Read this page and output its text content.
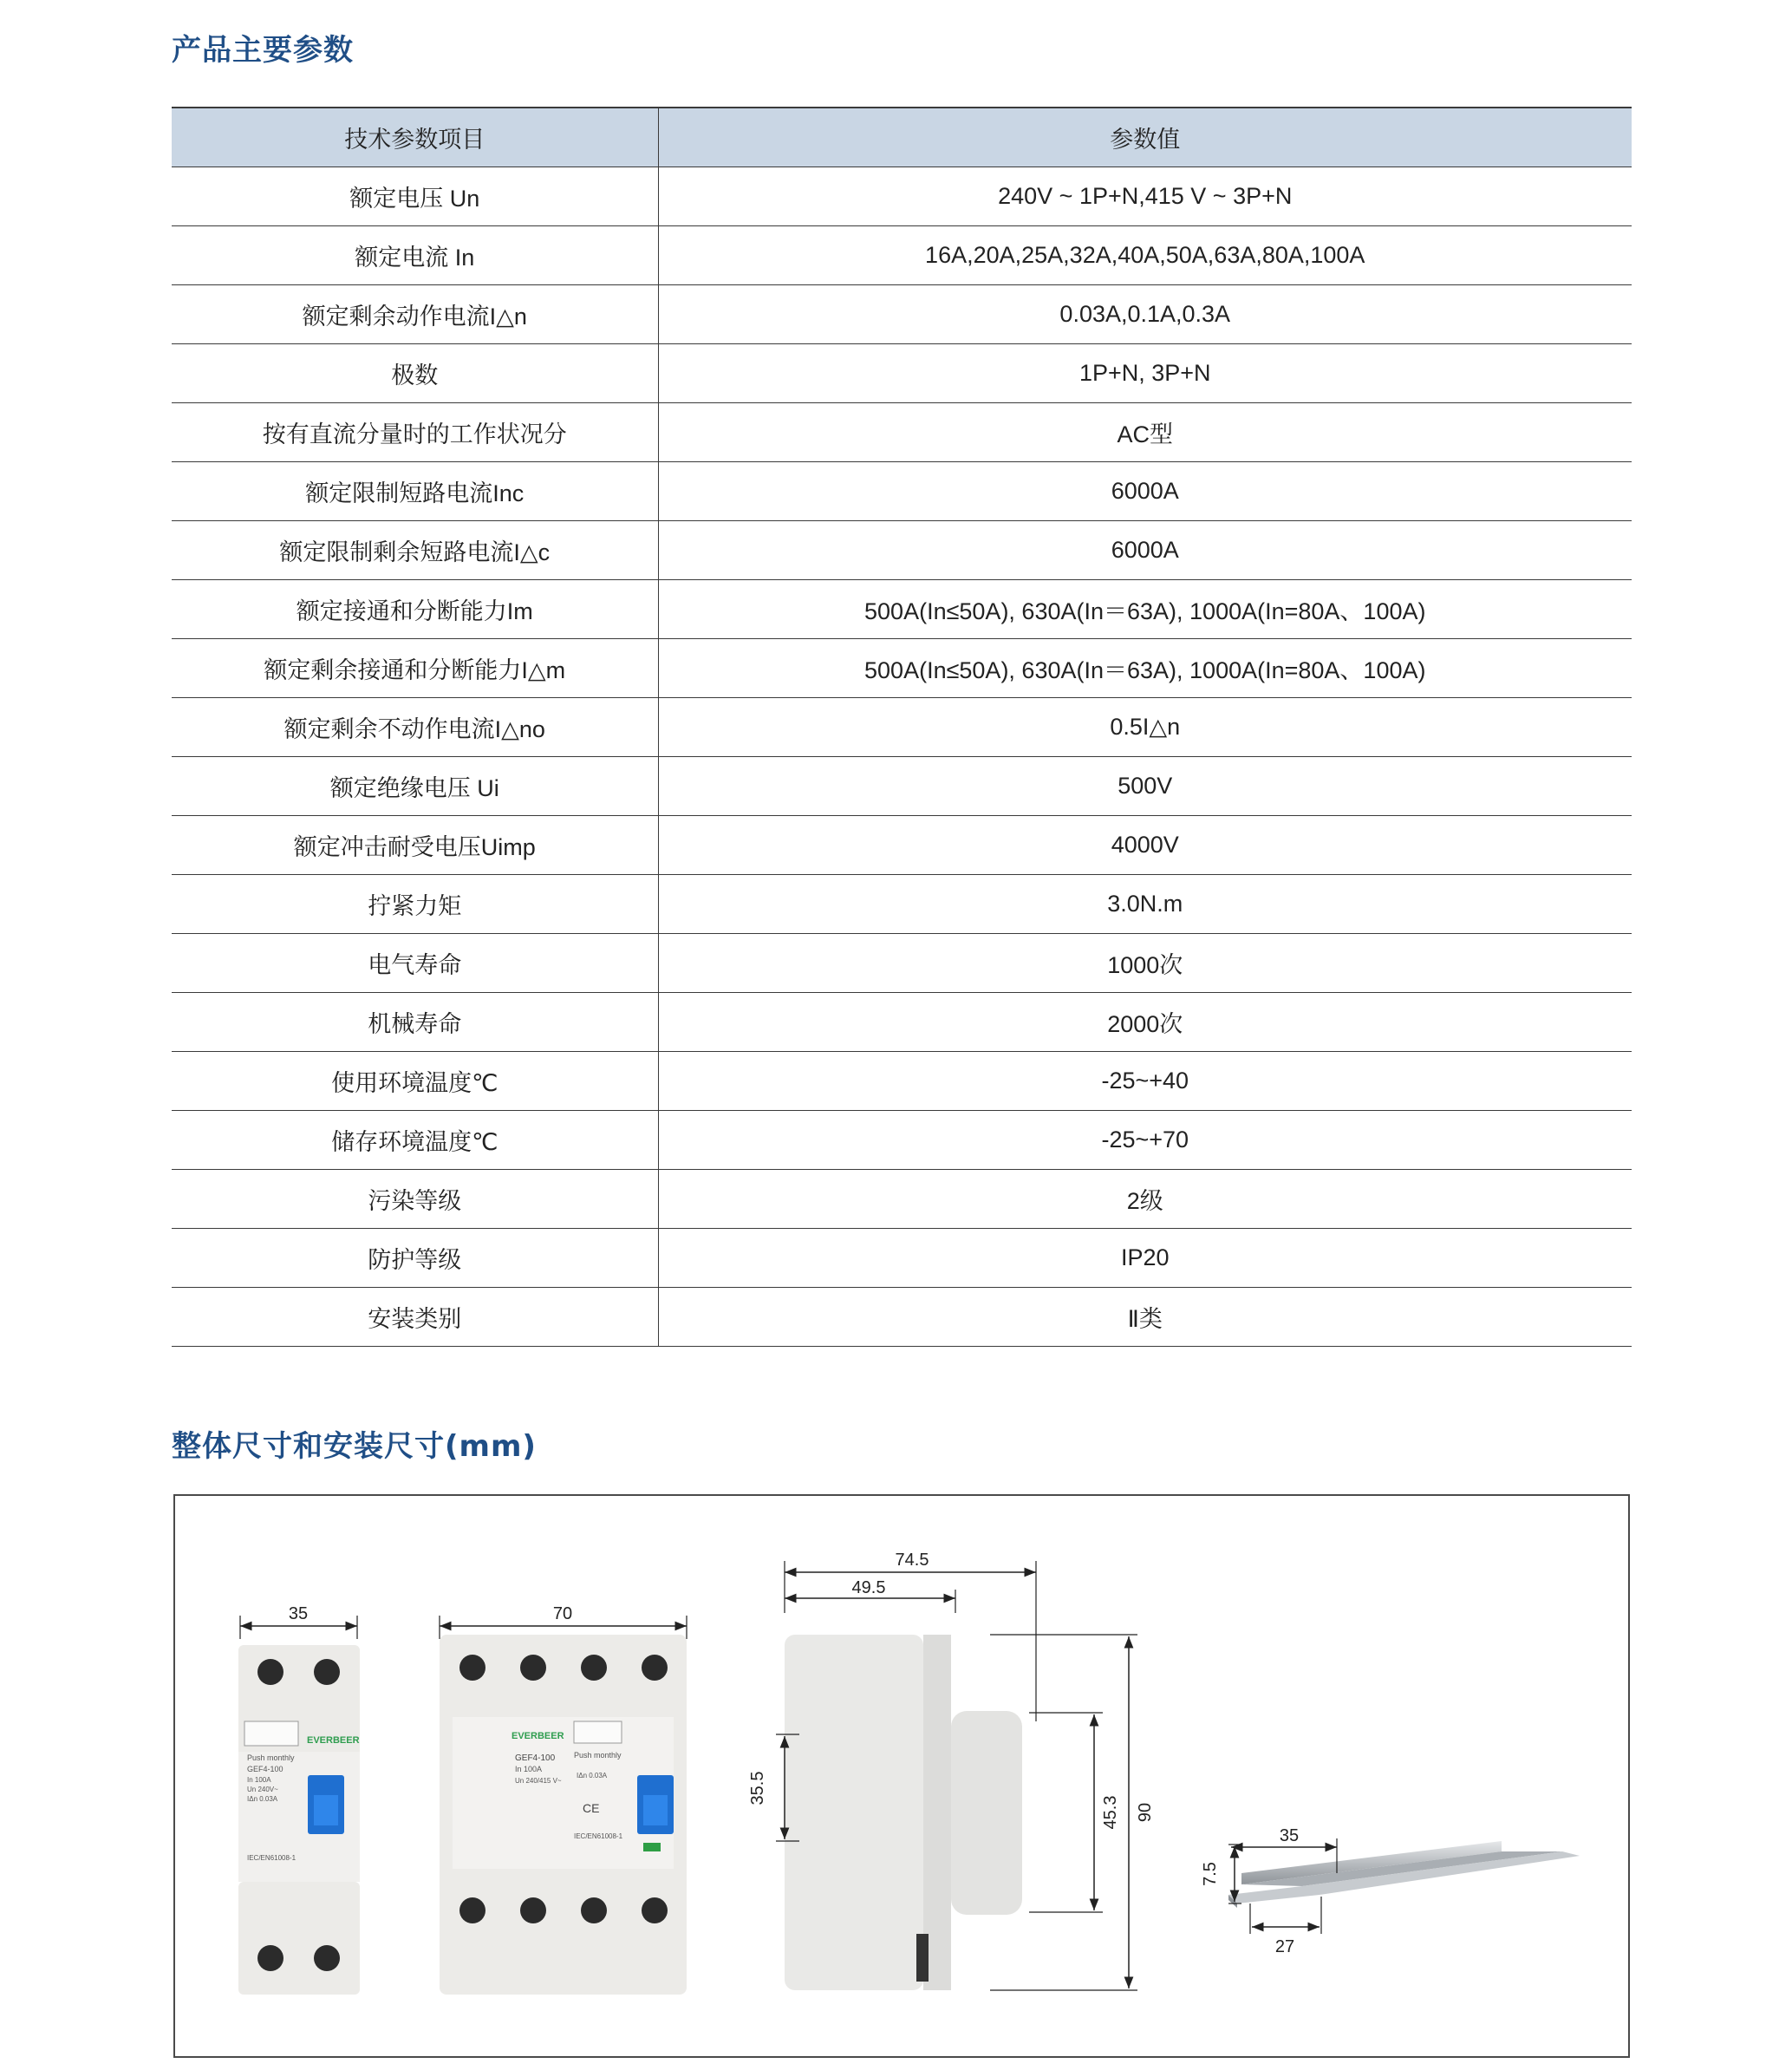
产品主要参数
技术参数项目	参数值
额定电压 Un	240V ~ 1P+N,415 V ~ 3P+N
额定电流 In	16A,20A,25A,32A,40A,50A,63A,80A,100A
额定剩余动作电流I△n	0.03A,0.1A,0.3A
极数	1P+N, 3P+N
按有直流分量时的工作状况分	AC型
额定限制短路电流Inc	6000A
额定限制剩余短路电流I△c	6000A
额定接通和分断能力Im	500A(In≤50A), 630A(In＝63A), 1000A(In=80A、100A)
额定剩余接通和分断能力I△m	500A(In≤50A), 630A(In＝63A), 1000A(In=80A、100A)
额定剩余不动作电流I△no	0.5I△n
额定绝缘电压 Ui	500V
额定冲击耐受电压Uimp	4000V
拧紧力矩	3.0N.m
电气寿命	1000次
机械寿命	2000次
使用环境温度℃	-25~+40
储存环境温度℃	-25~+70
污染等级	2级
防护等级	IP20
安装类别	Ⅱ类
整体尺寸和安装尺寸(mm)
35
EVERBEER
Push monthly
GEF4-100
In 100A
Un 240V~
IΔn 0.03A
IEC/EN61008-1
70
EVERBEER
Push monthly
GEF4-100
In 100A
Un 240/415 V~
IΔn 0.03A
CE
IEC/EN61008-1
74.5
49.5
35.5
45.3 90
7.5
35
27
